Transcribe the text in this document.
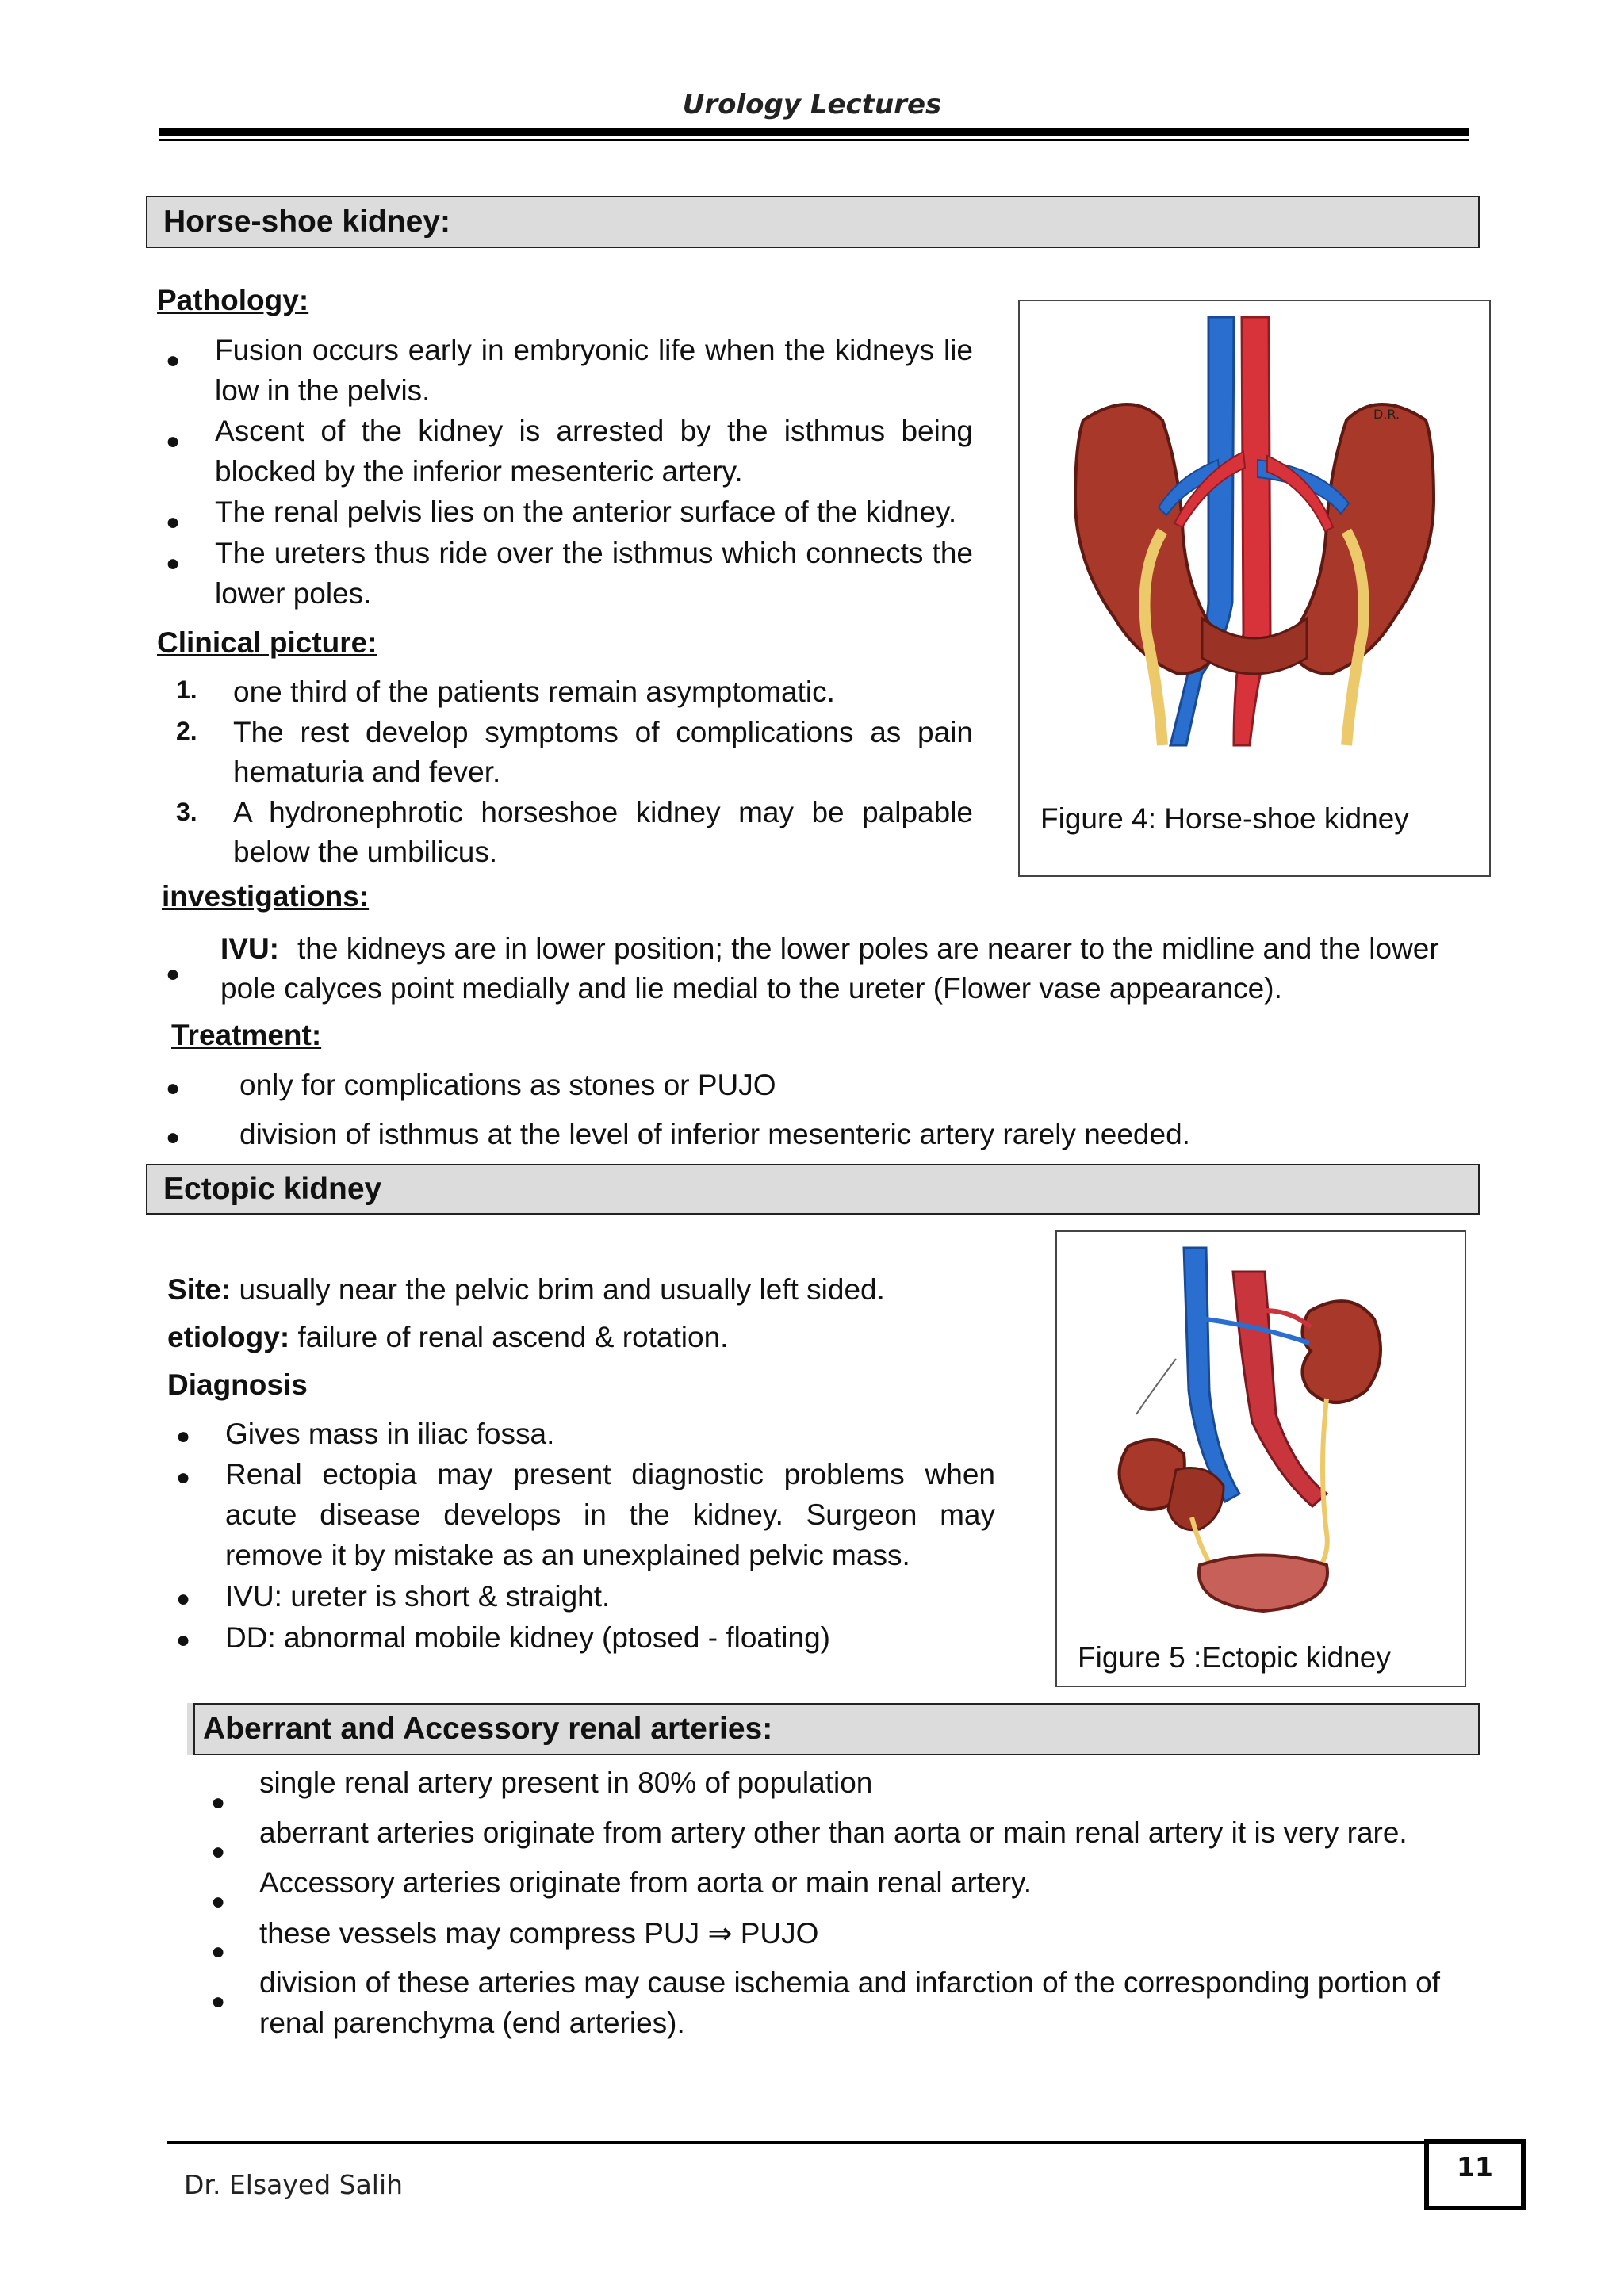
Urology Lectures
Horse-shoe kidney:
Pathology:
● Fusion occurs early in embryonic life when the kidneys lie
low in the pelvis.
● Ascent of the kidney is arrested by the isthmus being
blocked by the inferior mesenteric artery.
● The renal pelvis lies on the anterior surface of the kidney.
● The ureters thus ride over the isthmus which connects the
lower poles.
Clinical picture:
1. one third of the patients remain asymptomatic.
2. The rest develop symptoms of complications as pain
hematuria and fever.
3. A hydronephrotic horseshoe kidney may be palpable
below the umbilicus.
investigations:
●
IVU: the kidneys are in lower position; the lower poles are nearer to the midline and the lower
pole calyces point medially and lie medial to the ureter (Flower vase appearance).
Treatment:
● only for complications as stones or PUJO
● division of isthmus at the level of inferior mesenteric artery rarely needed.
D.R.
Figure 4: Horse-shoe kidney
Ectopic kidney
Site: usually near the pelvic brim and usually left sided.
etiology: failure of renal ascend & rotation.
Diagnosis
● Gives mass in iliac fossa.
● Renal ectopia may present diagnostic problems when
acute disease develops in the kidney. Surgeon may
remove it by mistake as an unexplained pelvic mass.
● IVU: ureter is short & straight.
● DD: abnormal mobile kidney (ptosed - floating)
Figure 5 :Ectopic kidney
Aberrant and Accessory renal arteries:
●
single renal artery present in 80% of population
●
aberrant arteries originate from artery other than aorta or main renal artery it is very rare.
●
Accessory arteries originate from aorta or main renal artery.
●
these vessels may compress PUJ ⇒ PUJO
●
division of these arteries may cause ischemia and infarction of the corresponding portion of
renal parenchyma (end arteries).
Dr. Elsayed Salih
11
